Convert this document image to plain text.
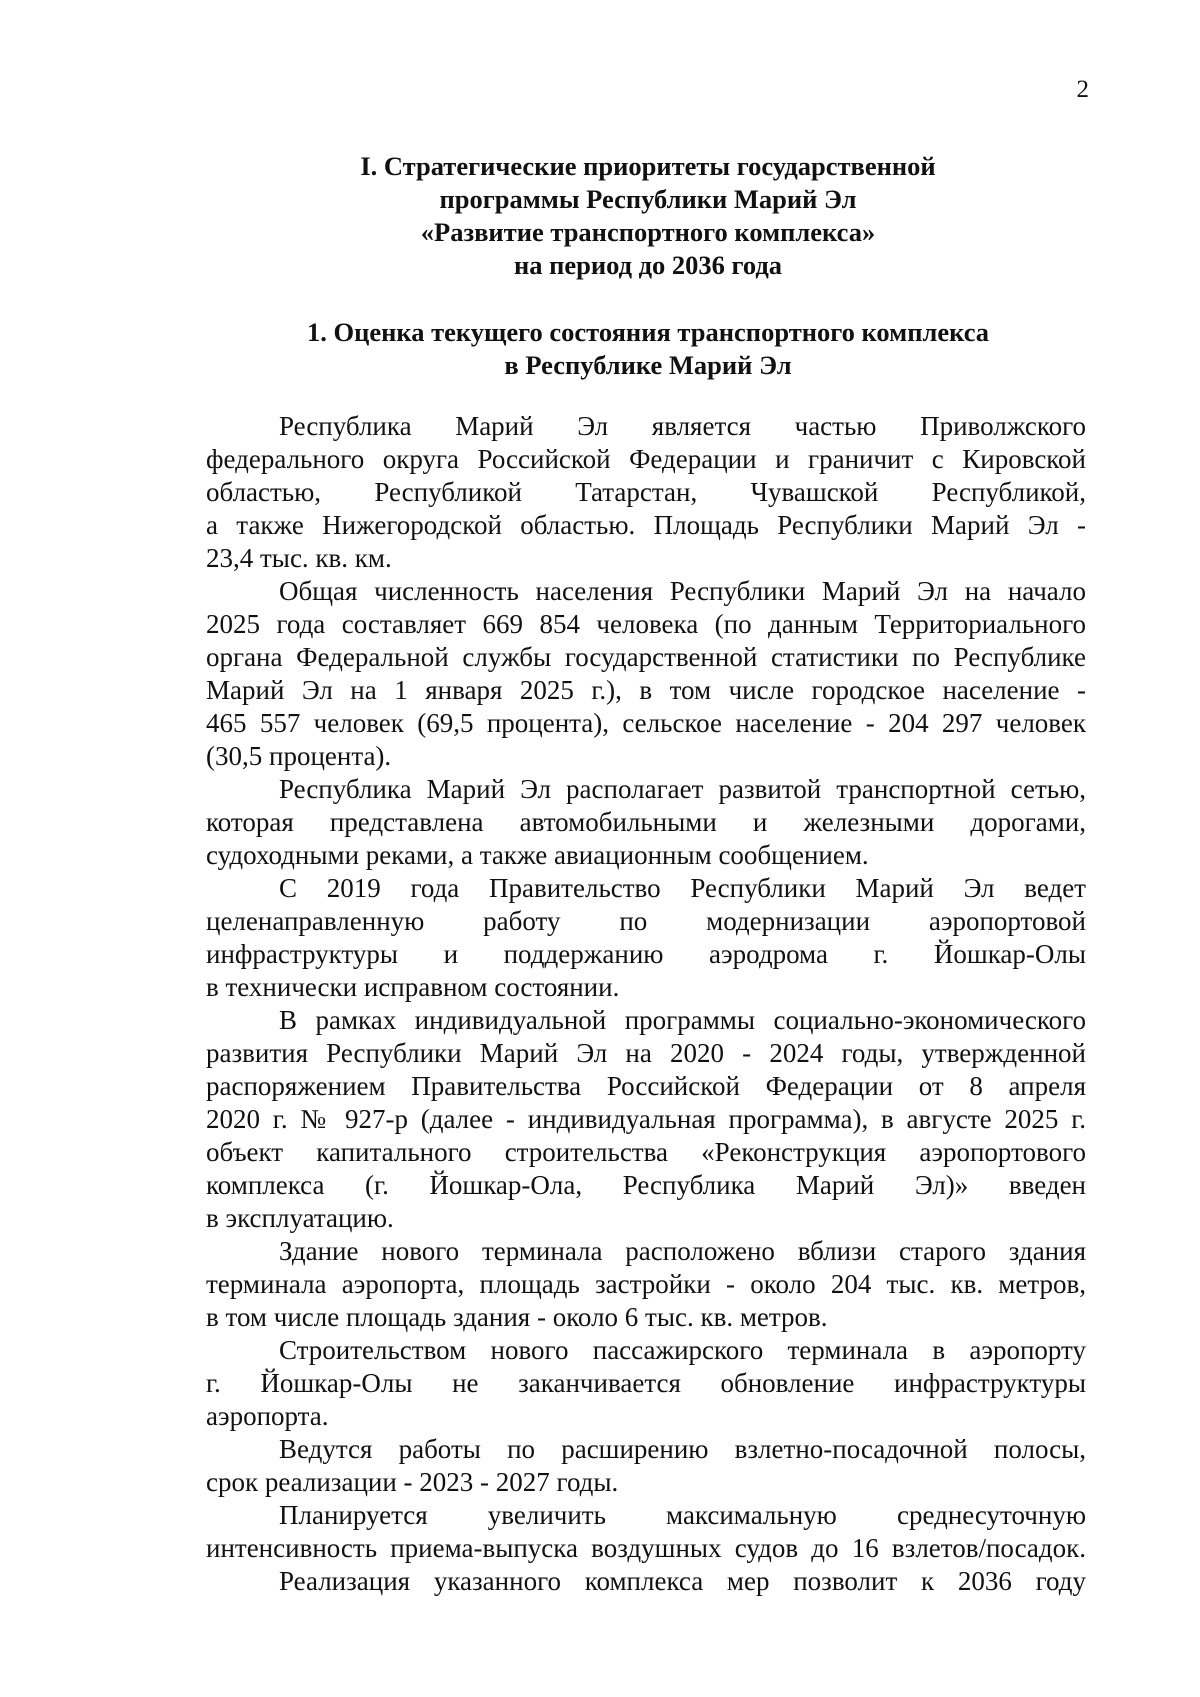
2
I. Стратегические приоритеты государственной
программы Республики Марий Эл
«Развитие транспортного комплекса»
на период до 2036 года
1. Оценка текущего состояния транспортного комплекса
в Республике Марий Эл
Республика Марий Эл является частью Приволжского
федерального округа Российской Федерации и граничит с Кировской
областью, Республикой Татарстан, Чувашской Республикой,
а также Нижегородской областью. Площадь Республики Марий Эл -
23,4 тыс. кв. км.
Общая численность населения Республики Марий Эл на начало
2025 года составляет 669 854 человека (по данным Территориального
органа Федеральной службы государственной статистики по Республике
Марий Эл на 1 января 2025 г.), в том числе городское население -
465 557 человек (69,5 процента), сельское население - 204 297 человек
(30,5 процента).
Республика Марий Эл располагает развитой транспортной сетью,
которая представлена автомобильными и железными дорогами,
судоходными реками, а также авиационным сообщением.
С 2019 года Правительство Республики Марий Эл ведет
целенаправленную работу по модернизации аэропортовой
инфраструктуры и поддержанию аэродрома г. Йошкар-Олы
в технически исправном состоянии.
В рамках индивидуальной программы социально-экономического
развития Республики Марий Эл на 2020 - 2024 годы, утвержденной
распоряжением Правительства Российской Федерации от 8 апреля
2020 г. № 927-р (далее - индивидуальная программа), в августе 2025 г.
объект капитального строительства «Реконструкция аэропортового
комплекса (г. Йошкар-Ола, Республика Марий Эл)» введен
в эксплуатацию.
Здание нового терминала расположено вблизи старого здания
терминала аэропорта, площадь застройки - около 204 тыс. кв. метров,
в том числе площадь здания - около 6 тыс. кв. метров.
Строительством нового пассажирского терминала в аэропорту
г. Йошкар-Олы не заканчивается обновление инфраструктуры
аэропорта.
Ведутся работы по расширению взлетно-посадочной полосы,
срок реализации - 2023 - 2027 годы.
Планируется увеличить максимальную среднесуточную
интенсивность приема-выпуска воздушных судов до 16 взлетов/посадок.
Реализация указанного комплекса мер позволит к 2036 году
